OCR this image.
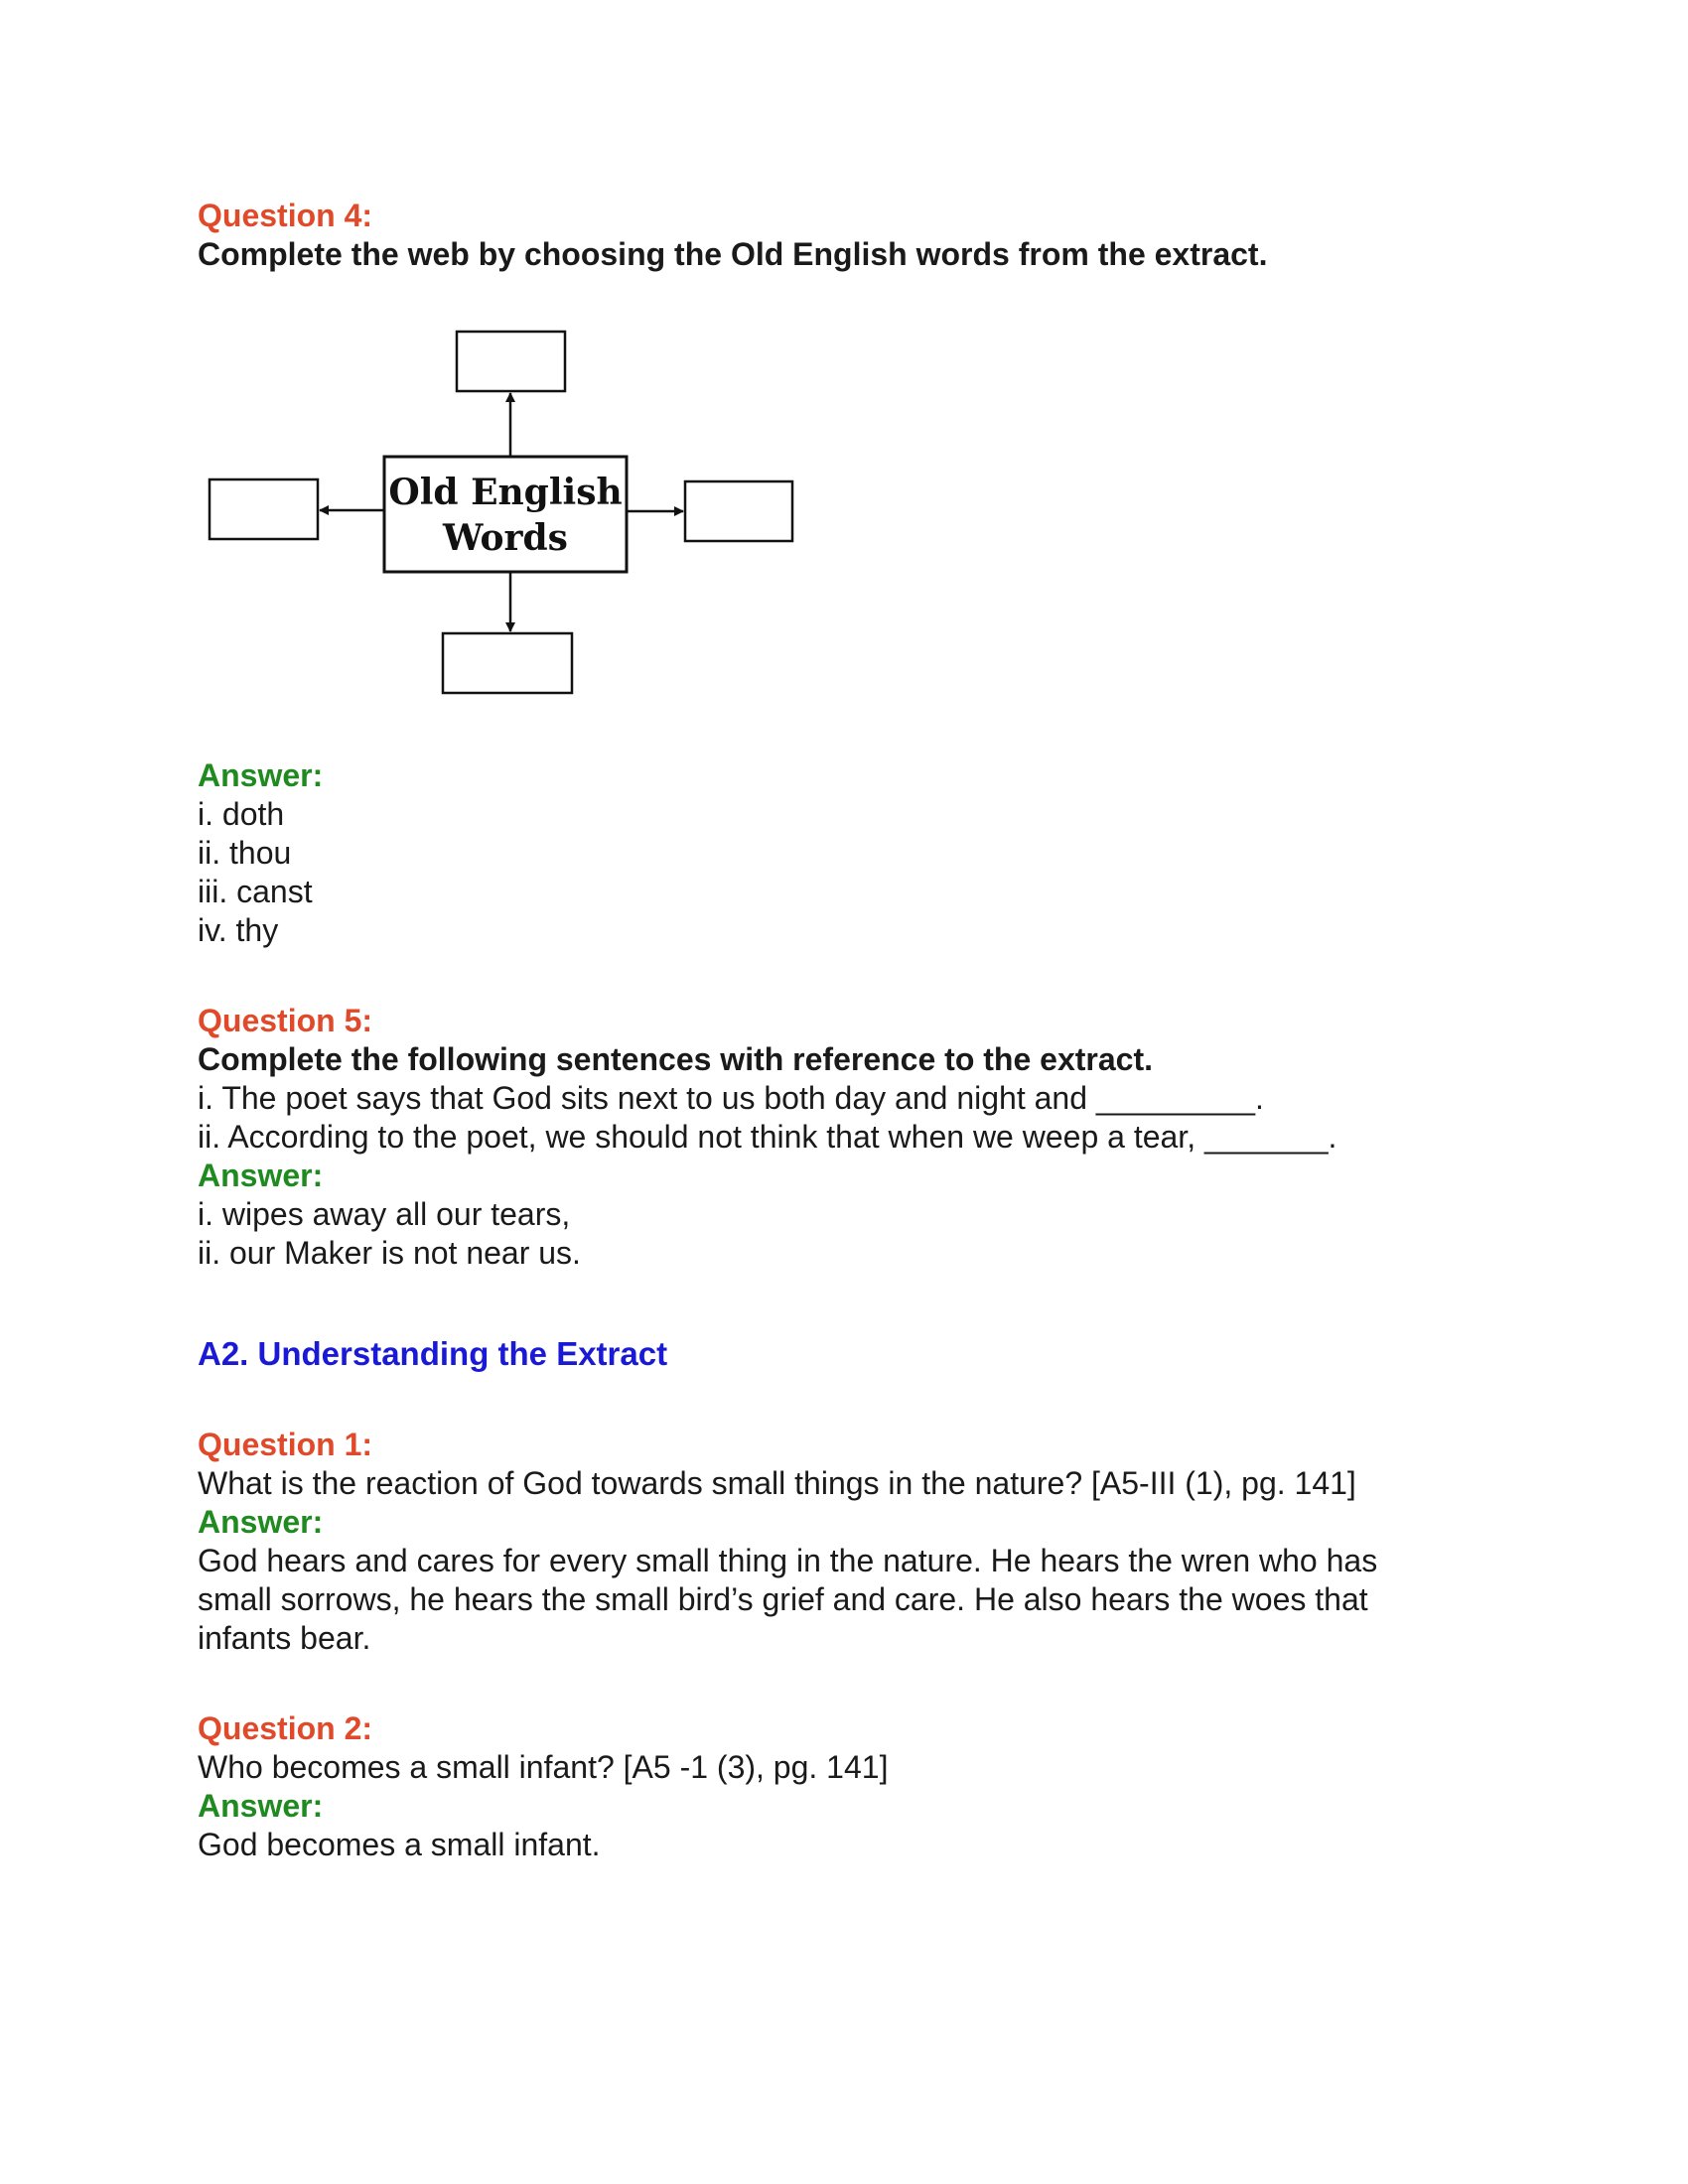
Question 4:
Complete the web by choosing the Old English words from the extract.
Old English
Words
Answer:
i. doth
ii. thou
iii. canst
iv. thy
Question 5:
Complete the following sentences with reference to the extract.
i. The poet says that God sits next to us both day and night and _________.
ii. According to the poet, we should not think that when we weep a tear, _______.
Answer:
i. wipes away all our tears,
ii. our Maker is not near us.
A2. Understanding the Extract
Question 1:
What is the reaction of God towards small things in the nature? [A5-III (1), pg. 141]
Answer:
God hears and cares for every small thing in the nature. He hears the wren who has
small sorrows, he hears the small bird’s grief and care. He also hears the woes that
infants bear.
Question 2:
Who becomes a small infant? [A5 -1 (3), pg. 141]
Answer:
God becomes a small infant.
